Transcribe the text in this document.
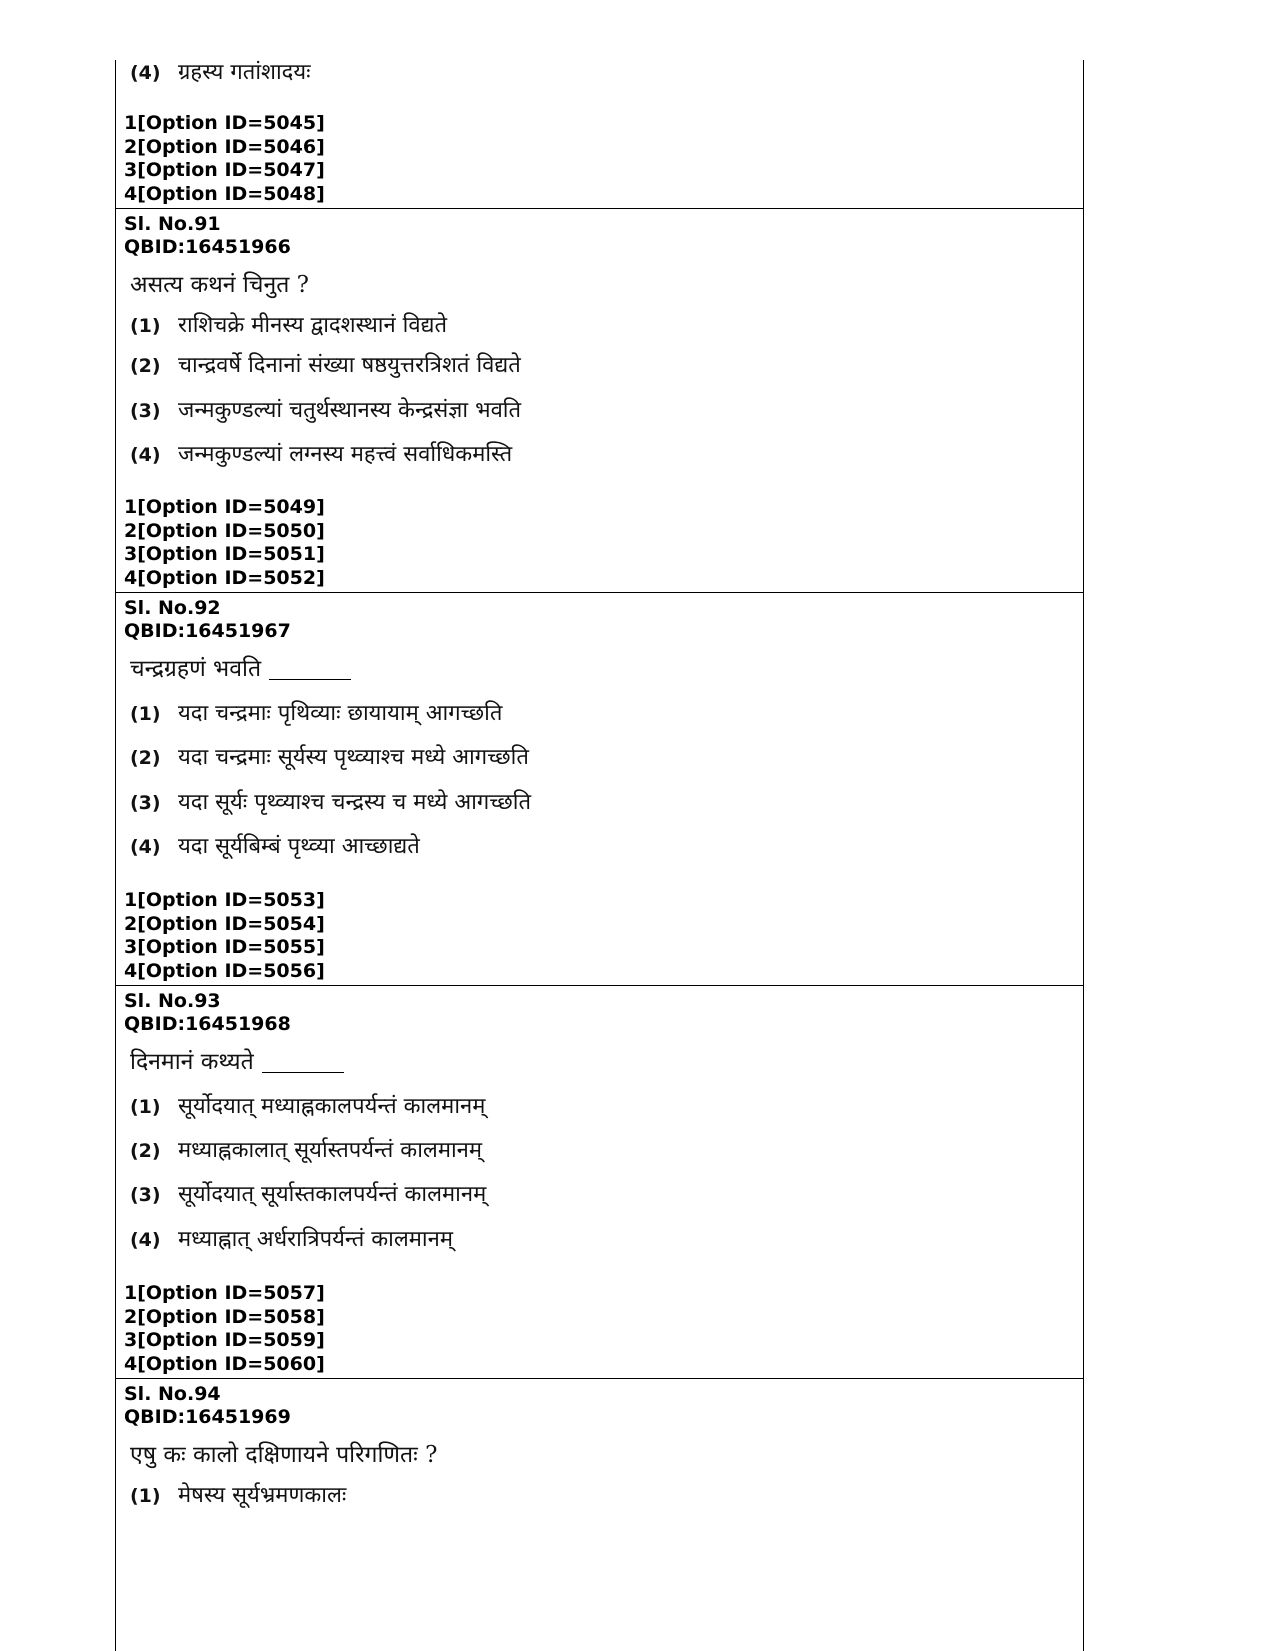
(4) ग्रहस्य गतांशादयः
1[Option ID=5045]
2[Option ID=5046]
3[Option ID=5047]
4[Option ID=5048]
Sl. No.91
QBID:16451966
असत्य कथनं चिनुत ?
(1) राशिचक्रे मीनस्य द्वादशस्थानं विद्यते
(2) चान्द्रवर्षे दिनानां संख्या षष्ठयुत्तरत्रिशतं विद्यते
(3) जन्मकुण्डल्यां चतुर्थस्थानस्य केन्द्रसंज्ञा भवति
(4) जन्मकुण्डल्यां लग्नस्य महत्त्वं सर्वाधिकमस्ति
1[Option ID=5049]
2[Option ID=5050]
3[Option ID=5051]
4[Option ID=5052]
Sl. No.92
QBID:16451967
चन्द्रग्रहणं भवति
(1) यदा चन्द्रमाः पृथिव्याः छायायाम् आगच्छति
(2) यदा चन्द्रमाः सूर्यस्य पृथ्व्याश्च मध्ये आगच्छति
(3) यदा सूर्यः पृथ्व्याश्च चन्द्रस्य च मध्ये आगच्छति
(4) यदा सूर्यबिम्बं पृथ्व्या आच्छाद्यते
1[Option ID=5053]
2[Option ID=5054]
3[Option ID=5055]
4[Option ID=5056]
Sl. No.93
QBID:16451968
दिनमानं कथ्यते
(1) सूर्योदयात् मध्याह्नकालपर्यन्तं कालमानम्
(2) मध्याह्नकालात् सूर्यास्तपर्यन्तं कालमानम्
(3) सूर्योदयात् सूर्यास्तकालपर्यन्तं कालमानम्
(4) मध्याह्नात् अर्धरात्रिपर्यन्तं कालमानम्
1[Option ID=5057]
2[Option ID=5058]
3[Option ID=5059]
4[Option ID=5060]
Sl. No.94
QBID:16451969
एषु कः कालो दक्षिणायने परिगणितः ?
(1) मेषस्य सूर्यभ्रमणकालः
